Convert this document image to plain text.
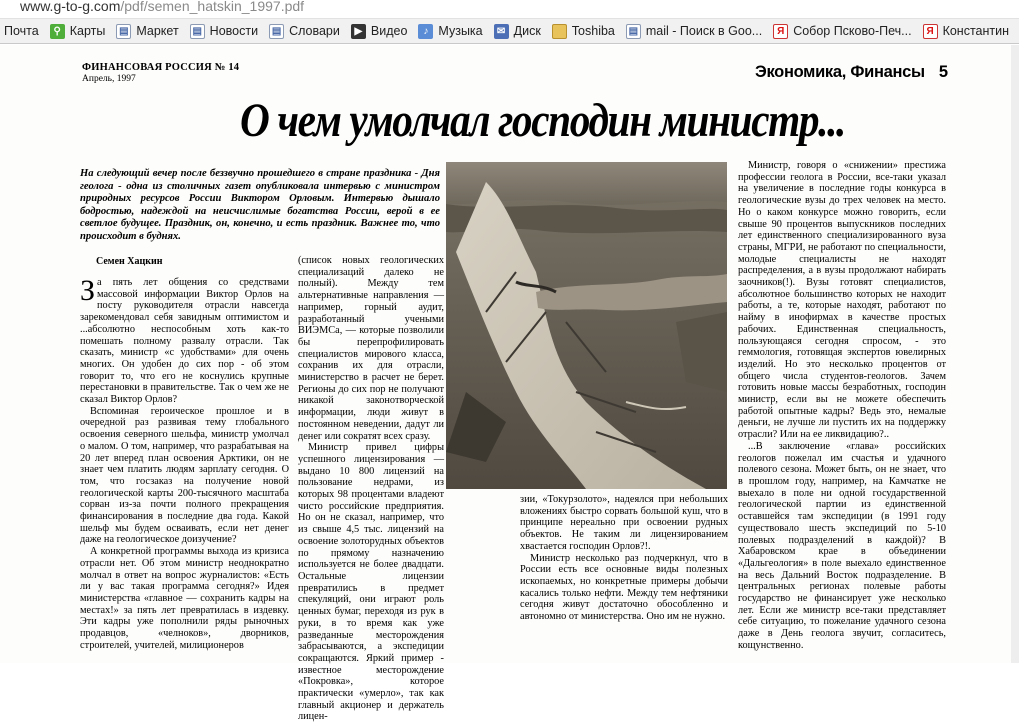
www.g-to-g.com/pdf/semen_hatskin_1997.pdf
Почта	⚲ Карты ▤ Маркет ▤ Новости ▤ Словари	▶ Видео	♪ Музыка	✉ Диск Toshiba ▤ mail - Поиск в Goo...	Я Собор Псково-Печ...	Я Константин
ФИНАНСОВАЯ РОССИЯ № 14
Апрель, 1997	Экономика, Финансы 5
О чем умолчал господин министр...
На следующий вечер после беззвучно прошедшего в стране праздника - Дня геолога - одна из столичных газет опубликовала интервью с министром природных ресурсов России Виктором Орловым. Интервью дышало бодростью, надеждой на неисчислимые богатства России, верой в ее светлое будущее. Праздник, он, конечно, и есть праздник. Важнее то, что происходит в буднях.
Семен Хацкин

За пять лет общения со средствами массовой информации Виктор Орлов на посту руководителя отрасли навсегда зарекомендовал себя завидным оптимистом и ...абсолютно неспособным хоть как-то помешать полному развалу отрасли. Так сказать, министр «с удобствами» для очень многих. Он удобен до сих пор - об этом говорит то, что его не коснулись крупные перестановки в правительстве. Так о чем же не сказал Виктор Орлов?

Вспоминая героическое прошлое и в очередной раз развивая тему глобального освоения северного шельфа, министр умолчал о малом. О том, например, что разрабатывая на 20 лет вперед план освоения Арктики, он не знает чем платить людям зарплату сегодня. О том, что госзаказ на получение новой геологической карты 200-тысячного масштаба сорван из-за почти полного прекращения финансирования в последние два года. Какой шельф мы будем осваивать, если нет денег даже на геологическое доизучение?

А конкретной программы выхода из кризиса отрасли нет. Об этом министр неоднократно молчал в ответ на вопрос журналистов: «Есть ли у вас такая программа сегодня?» Идея министерства «главное — сохранить кадры на местах!» за пять лет превратилась в издевку. Эти кадры уже пополнили ряды рыночных продавцов, «челноков», дворников, строителей, учителей, милиционеров

(список новых геологических специализаций далеко не полный). Между тем альтернативные направления — например, горный аудит, разработанный учеными ВИЭМСа, — которые позволили бы перепрофилировать специалистов мирового класса, сохранив их для отрасли, министерство в расчет не берет. Регионы до сих пор не получают никакой законотворческой информации, люди живут в постоянном неведении, дадут ли денег или сократят всех сразу.

Министр привел цифры успешного лицензирования — выдано 10 800 лицензий на пользование недрами, из которых 98 процентами владеют чисто российские предприятия. Но он не сказал, например, что из свыше 4,5 тыс. лицензий на освоение золоторудных объектов по прямому назначению используется не более двадцати. Остальные лицензии превратились в предмет спекуляций, они играют роль ценных бумаг, переходя из рук в руки, в то время как уже разведанные месторождения забрасываются, а экспедиции сокращаются. Яркий пример - известное месторождение «Покровка», которое практически «умерло», так как главный акционер и держатель лицен-

зии, «Токурзолото», надеялся при небольших вложениях быстро сорвать большой куш, что в принципе нереально при освоении рудных объектов. Не таким ли лицензированием хвастается господин Орлов?!.

Министр несколько раз подчеркнул, что в России есть все основные виды полезных ископаемых, но конкретные примеры добычи касались только нефти. Между тем нефтяники сегодня живут достаточно обособленно и автономно от министерства. Оно им не нужно.

Министр, говоря о «снижении» престижа профессии геолога в России, все-таки указал на увеличение в последние годы конкурса в геологические вузы до трех человек на место. Но о каком конкурсе можно говорить, если свыше 90 процентов выпускников последних лет единственного специализированного вуза страны, МГРИ, не работают по специальности, молодые специалисты не находят распределения, а в вузы продолжают набирать заочников(!). Вузы готовят специалистов, абсолютное большинство которых не находит работы, а те, которые находят, работают по найму в инофирмах в качестве простых рабочих. Единственная специальность, пользующаяся сегодня спросом, - это геммология, готовящая экспертов ювелирных изделий. Но это несколько процентов от общего числа студентов-геологов. Зачем готовить новые массы безработных, господин министр, если вы не можете обеспечить работой опытные кадры? Ведь это, немалые деньги, не лучше ли пустить их на поддержку отрасли? Или на ее ликвидацию?..

...В заключение «глава» российских геологов пожелал им счастья и удачного полевого сезона. Может быть, он не знает, что в прошлом году, например, на Камчатке не выехало в поле ни одной государственной геологической партии из единственной оставшейся там экспедиции (в 1991 году существовало шесть экспедиций по 5-10 полевых подразделений в каждой)? В Хабаровском крае в объединении «Дальгеология» в поле выехало единственное на весь Дальний Восток подразделение. В центральных регионах полевые работы государство не финансирует уже несколько лет. Если же министр все-таки представляет себе ситуацию, то пожелание удачного сезона даже в День геолога звучит, согласитесь, кощунственно.
